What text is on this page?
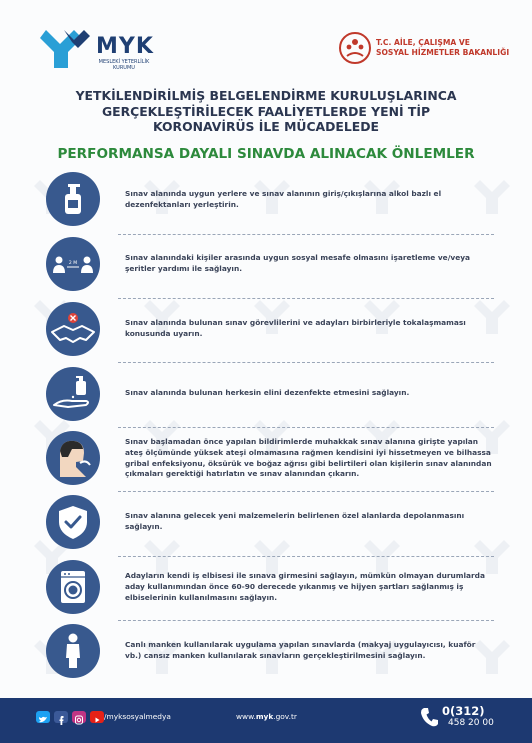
MYK
MESLEKİ YETERLİLİK KURUMU
T.C. AİLE, ÇALIŞMA VE
SOSYAL HİZMETLER BAKANLIĞI
YETKİLENDİRİLMİŞ BELGELENDİRME KURULUŞLARINCA
GERÇEKLEŞTİRİLECEK FAALİYETLERDE YENİ TİP
KORONAVİRÜS İLE MÜCADELEDE
PERFORMANSA DAYALI SINAVDA ALINACAK ÖNLEMLER
Sınav alanında uygun yerlere ve sınav alanının giriş/çıkışlarına alkol bazlı el dezenfektanları yerleştirin.
2 M
Sınav alanındaki kişiler arasında uygun sosyal mesafe olmasını işaretleme ve/veya şeritler yardımı ile sağlayın.
Sınav alanında bulunan sınav görevlilerini ve adayları birbirleriyle tokalaşmaması konusunda uyarın.
Sınav alanında bulunan herkesin elini dezenfekte etmesini sağlayın.
Sınav başlamadan önce yapılan bildirimlerde muhakkak sınav alanına girişte yapılan ateş ölçümünde yüksek ateşi olmamasına rağmen kendisini iyi hissetmeyen ve bilhassa gribal enfeksiyonu, öksürük ve boğaz ağrısı gibi belirtileri olan kişilerin sınav alanından çıkmaları gerektiği hatırlatın ve sınav alanından çıkarın.
Sınav alanına gelecek yeni malzemelerin belirlenen özel alanlarda depolanmasını sağlayın.
Adayların kendi iş elbisesi ile sınava girmesini sağlayın, mümkün olmayan durumlarda aday kullanımından önce 60-90 derecede yıkanmış ve hijyen şartları sağlanmış iş elbiselerinin kullanılmasını sağlayın.
Canlı manken kullanılarak uygulama yapılan sınavlarda (makyaj uygulayıcısı, kuaför vb.) cansız manken kullanılarak sınavların gerçekleştirilmesini sağlayın.
/myksosyalmedya	www.myk.gov.tr	0(312)
458 20 00
